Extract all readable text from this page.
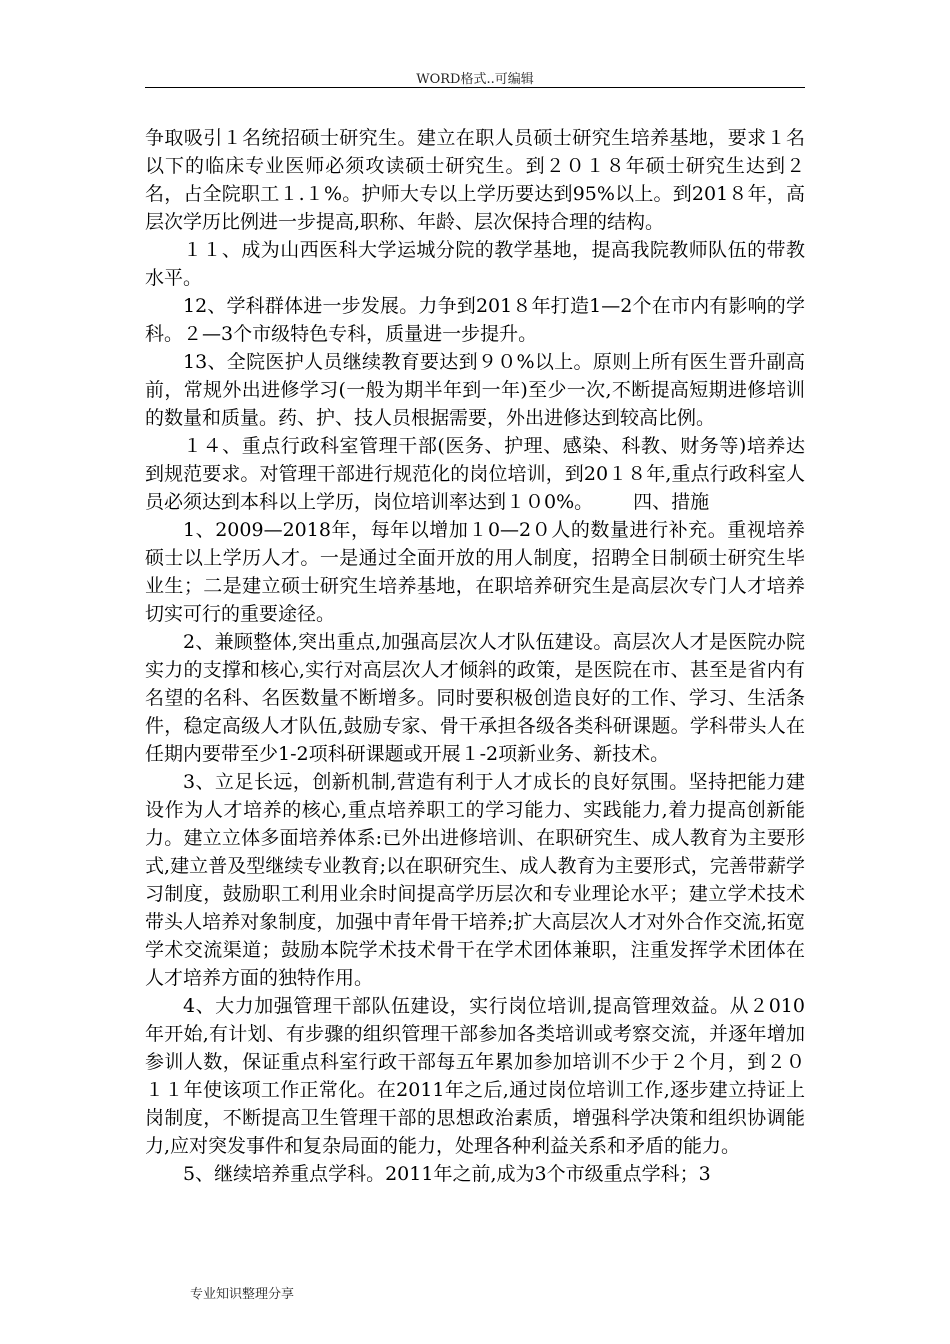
WORD格式..可编辑

争取吸引１名统招硕士研究生。建立在职人员硕士研究生培养基地，要求１名以下的临床专业医师必须攻读硕士研究生。到２０１８年硕士研究生达到２名，占全院职工１.１%。护师大专以上学历要达到95%以上。到201８年，高层次学历比例进一步提高,职称、年龄、层次保持合理的结构。

１１、成为山西医科大学运城分院的教学基地，提高我院教师队伍的带教水平。

12、学科群体进一步发展。力争到201８年打造1—2个在市内有影响的学科。２—3个市级特色专科，质量进一步提升。

13、全院医护人员继续教育要达到９０%以上。原则上所有医生晋升副高前，常规外出进修学习(一般为期半年到一年)至少一次,不断提高短期进修培训的数量和质量。药、护、技人员根据需要，外出进修达到较高比例。

１４、重点行政科室管理干部(医务、护理、感染、科教、财务等)培养达到规范要求。对管理干部进行规范化的岗位培训，到20１８年,重点行政科室人员必须达到本科以上学历，岗位培训率达到１０0%。 四、措施

1、2009—2018年，每年以增加１0—2０人的数量进行补充。重视培养硕士以上学历人才。一是通过全面开放的用人制度，招聘全日制硕士研究生毕业生；二是建立硕士研究生培养基地，在职培养研究生是高层次专门人才培养切实可行的重要途径。

2、兼顾整体,突出重点,加强高层次人才队伍建设。高层次人才是医院办院实力的支撑和核心,实行对高层次人才倾斜的政策，是医院在市、甚至是省内有名望的名科、名医数量不断增多。同时要积极创造良好的工作、学习、生活条件，稳定高级人才队伍,鼓励专家、骨干承担各级各类科研课题。学科带头人在任期内要带至少1-2项科研课题或开展１-2项新业务、新技术。

3、立足长远，创新机制,营造有利于人才成长的良好氛围。坚持把能力建设作为人才培养的核心,重点培养职工的学习能力、实践能力,着力提高创新能力。建立立体多面培养体系:已外出进修培训、在职研究生、成人教育为主要形式,建立普及型继续专业教育;以在职研究生、成人教育为主要形式，完善带薪学习制度，鼓励职工利用业余时间提高学历层次和专业理论水平；建立学术技术带头人培养对象制度，加强中青年骨干培养;扩大高层次人才对外合作交流,拓宽学术交流渠道；鼓励本院学术技术骨干在学术团体兼职，注重发挥学术团体在人才培养方面的独特作用。

4、大力加强管理干部队伍建设，实行岗位培训,提高管理效益。从２010年开始,有计划、有步骤的组织管理干部参加各类培训或考察交流，并逐年增加参训人数，保证重点科室行政干部每五年累加参加培训不少于２个月，到２０１１年使该项工作正常化。在2011年之后,通过岗位培训工作,逐步建立持证上岗制度，不断提高卫生管理干部的思想政治素质，增强科学决策和组织协调能力,应对突发事件和复杂局面的能力，处理各种利益关系和矛盾的能力。

5、继续培养重点学科。2011年之前,成为3个市级重点学科；3

专业知识整理分享
